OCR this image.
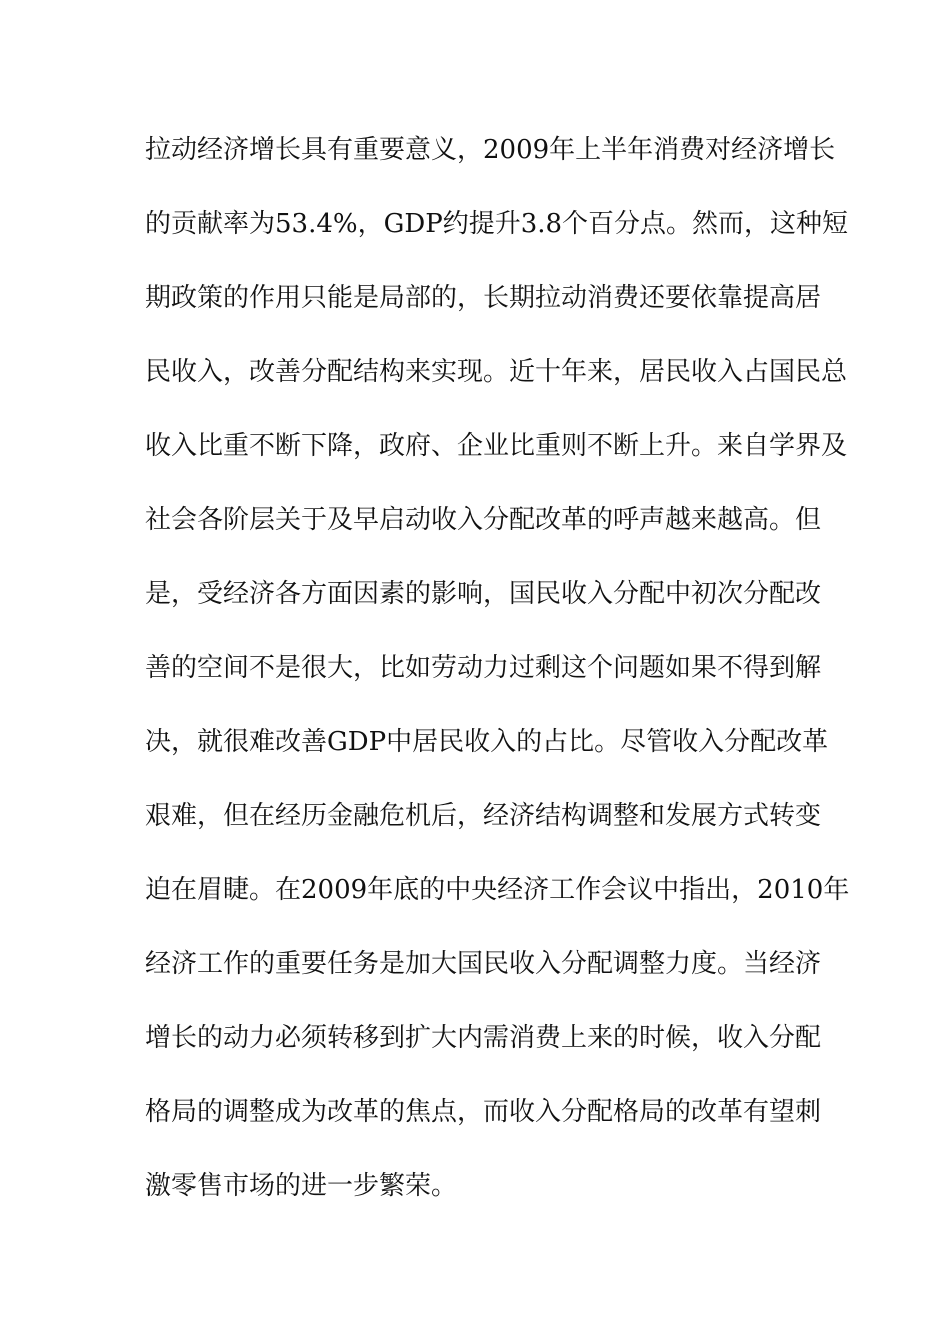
拉动经济增长具有重要意义，2009年上半年消费对经济增长
的贡献率为53.4%，GDP约提升3.8个百分点。然而，这种短
期政策的作用只能是局部的，长期拉动消费还要依靠提高居
民收入，改善分配结构来实现。近十年来，居民收入占国民总
收入比重不断下降，政府、企业比重则不断上升。来自学界及
社会各阶层关于及早启动收入分配改革的呼声越来越高。但
是，受经济各方面因素的影响，国民收入分配中初次分配改
善的空间不是很大，比如劳动力过剩这个问题如果不得到解
决，就很难改善GDP中居民收入的占比。尽管收入分配改革
艰难，但在经历金融危机后，经济结构调整和发展方式转变
迫在眉睫。在2009年底的中央经济工作会议中指出，2010年
经济工作的重要任务是加大国民收入分配调整力度。当经济
增长的动力必须转移到扩大内需消费上来的时候，收入分配
格局的调整成为改革的焦点，而收入分配格局的改革有望刺
激零售市场的进一步繁荣。
